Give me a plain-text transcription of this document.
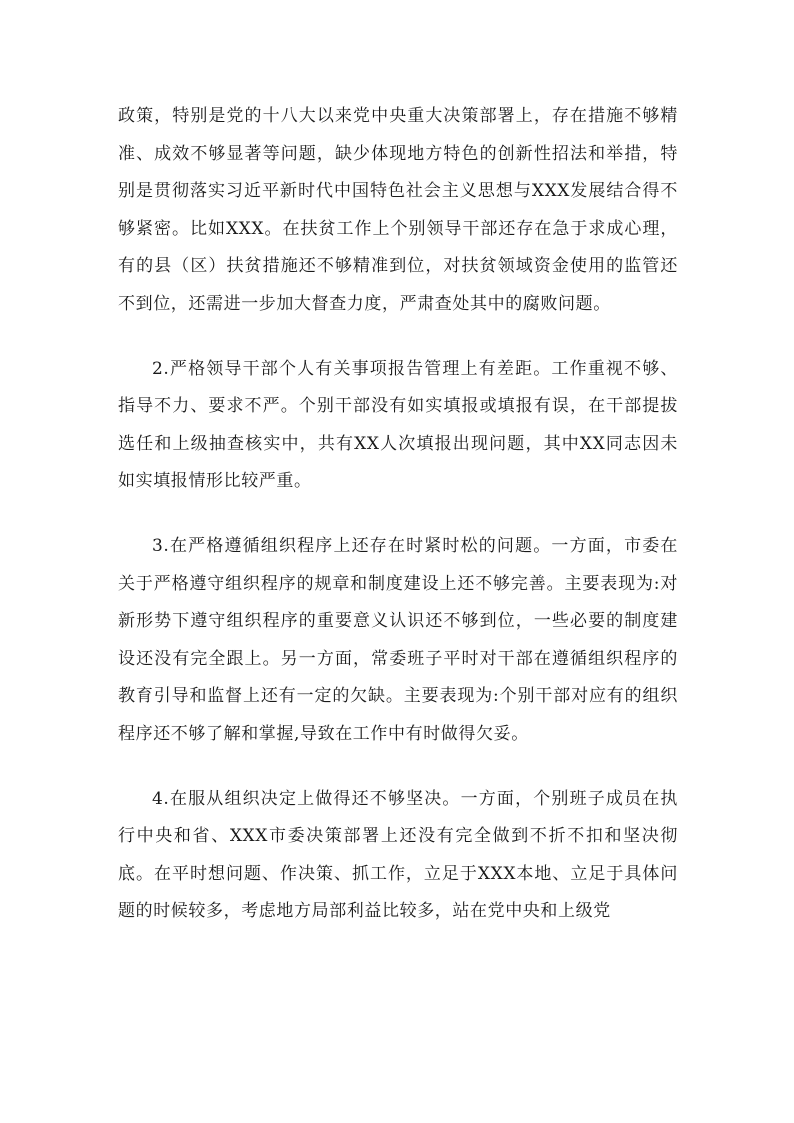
政策，特别是党的十八大以来党中央重大决策部署上，存在措施不够精准、成效不够显著等问题，缺少体现地方特色的创新性招法和举措，特别是贯彻落实习近平新时代中国特色社会主义思想与XXX发展结合得不够紧密。比如XXX。在扶贫工作上个别领导干部还存在急于求成心理，有的县（区）扶贫措施还不够精准到位，对扶贫领域资金使用的监管还不到位，还需进一步加大督查力度，严肃查处其中的腐败问题。

2.严格领导干部个人有关事项报告管理上有差距。工作重视不够、指导不力、要求不严。个别干部没有如实填报或填报有误，在干部提拔选任和上级抽查核实中，共有XX人次填报出现问题，其中XX同志因未如实填报情形比较严重。

3.在严格遵循组织程序上还存在时紧时松的问题。一方面，市委在关于严格遵守组织程序的规章和制度建设上还不够完善。主要表现为:对新形势下遵守组织程序的重要意义认识还不够到位，一些必要的制度建设还没有完全跟上。另一方面，常委班子平时对干部在遵循组织程序的教育引导和监督上还有一定的欠缺。主要表现为:个别干部对应有的组织程序还不够了解和掌握,导致在工作中有时做得欠妥。

4.在服从组织决定上做得还不够坚决。一方面，个别班子成员在执行中央和省、XXX市委决策部署上还没有完全做到不折不扣和坚决彻底。在平时想问题、作决策、抓工作，立足于XXX本地、立足于具体问题的时候较多，考虑地方局部利益比较多，站在党中央和上级党
